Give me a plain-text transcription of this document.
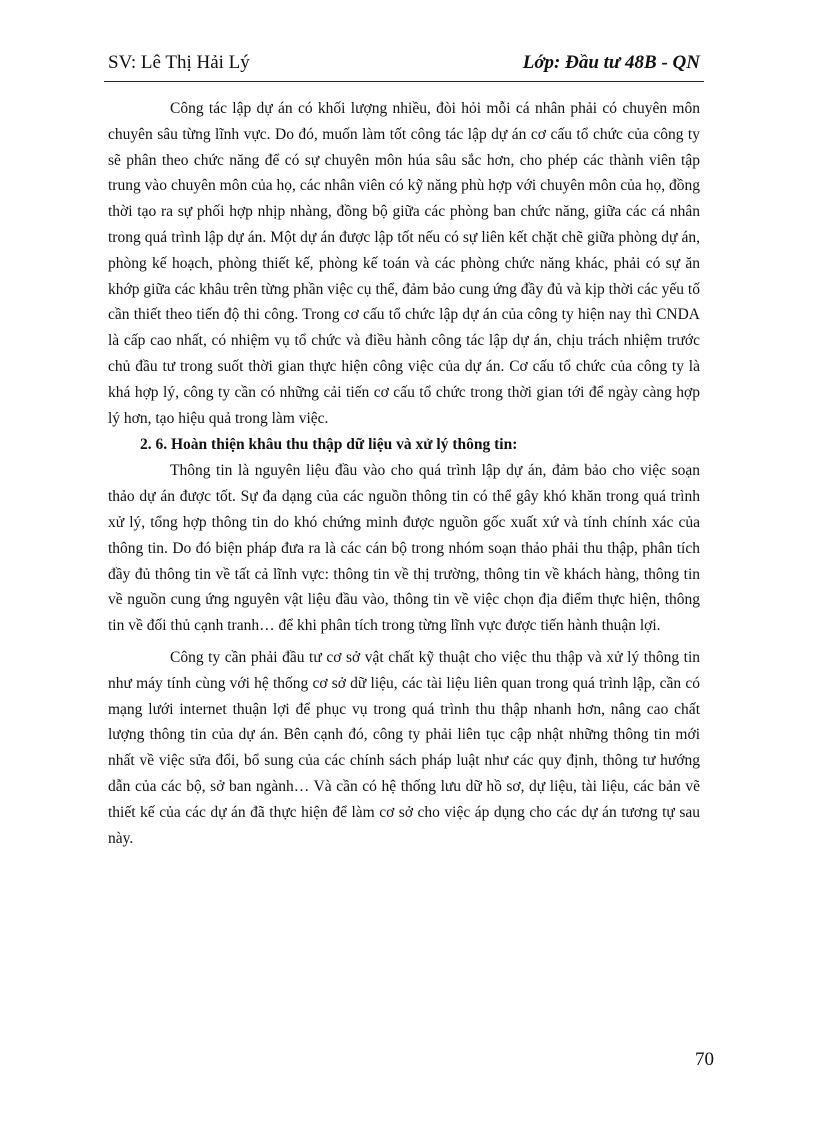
SV: Lê Thị Hải Lý	Lớp: Đầu tư 48B - QN

Công tác lập dự án có khối lượng nhiều, đòi hỏi mỗi cá nhân phải có chuyên môn chuyên sâu từng lĩnh vực. Do đó, muốn làm tốt công tác lập dự án cơ cấu tổ chức của công ty sẽ phân theo chức năng để có sự chuyên môn húa sâu sắc hơn, cho phép các thành viên tập trung vào chuyên môn của họ, các nhân viên có kỹ năng phù hợp với chuyên môn của họ, đồng thời tạo ra sự phối hợp nhịp nhàng, đồng bộ giữa các phòng ban chức năng, giữa các cá nhân trong quá trình lập dự án. Một dự án được lập tốt nếu có sự liên kết chặt chẽ giữa phòng dự án, phòng kế hoạch, phòng thiết kế, phòng kế toán và các phòng chức năng khác, phải có sự ăn khớp giữa các khâu trên từng phần việc cụ thể, đảm bảo cung ứng đầy đủ và kịp thời các yếu tố cần thiết theo tiến độ thi công. Trong cơ cấu tổ chức lập dự án của công ty hiện nay thì CNDA là cấp cao nhất, có nhiệm vụ tổ chức và điều hành công tác lập dự án, chịu trách nhiệm trước chủ đầu tư trong suốt thời gian thực hiện công việc của dự án. Cơ cấu tổ chức của công ty là khá hợp lý, công ty cần có những cải tiến cơ cấu tổ chức trong thời gian tới để ngày càng hợp lý hơn, tạo hiệu quả trong làm việc.

2. 6. Hoàn thiện khâu thu thập dữ liệu và xử lý thông tin:

Thông tin là nguyên liệu đầu vào cho quá trình lập dự án, đảm bảo cho việc soạn thảo dự án được tốt. Sự đa dạng của các nguồn thông tin có thể gây khó khăn trong quá trình xử lý, tổng hợp thông tin do khó chứng minh được nguồn gốc xuất xứ và tính chính xác của thông tin. Do đó biện pháp đưa ra là các cán bộ trong nhóm soạn thảo phải thu thập, phân tích đầy đủ thông tin về tất cả lĩnh vực: thông tin về thị trường, thông tin về khách hàng, thông tin về nguồn cung ứng nguyên vật liệu đầu vào, thông tin về việc chọn địa điểm thực hiện, thông tin về đối thủ cạnh tranh… để khi phân tích trong từng lĩnh vực được tiến hành thuận lợi.

Công ty cần phải đầu tư cơ sở vật chất kỹ thuật cho việc thu thập và xử lý thông tin như máy tính cùng với hệ thống cơ sở dữ liệu, các tài liệu liên quan trong quá trình lập, cần có mạng lưới internet thuận lợi để phục vụ trong quá trình thu thập nhanh hơn, nâng cao chất lượng thông tin của dự án. Bên cạnh đó, công ty phải liên tục cập nhật những thông tin mới nhất về việc sửa đổi, bổ sung của các chính sách pháp luật như các quy định, thông tư hướng dẫn của các bộ, sở ban ngành… Và cần có hệ thống lưu dữ hồ sơ, dự liệu, tài liệu, các bản vẽ thiết kế của các dự án đã thực hiện để làm cơ sở cho việc áp dụng cho các dự án tương tự sau này.

70
